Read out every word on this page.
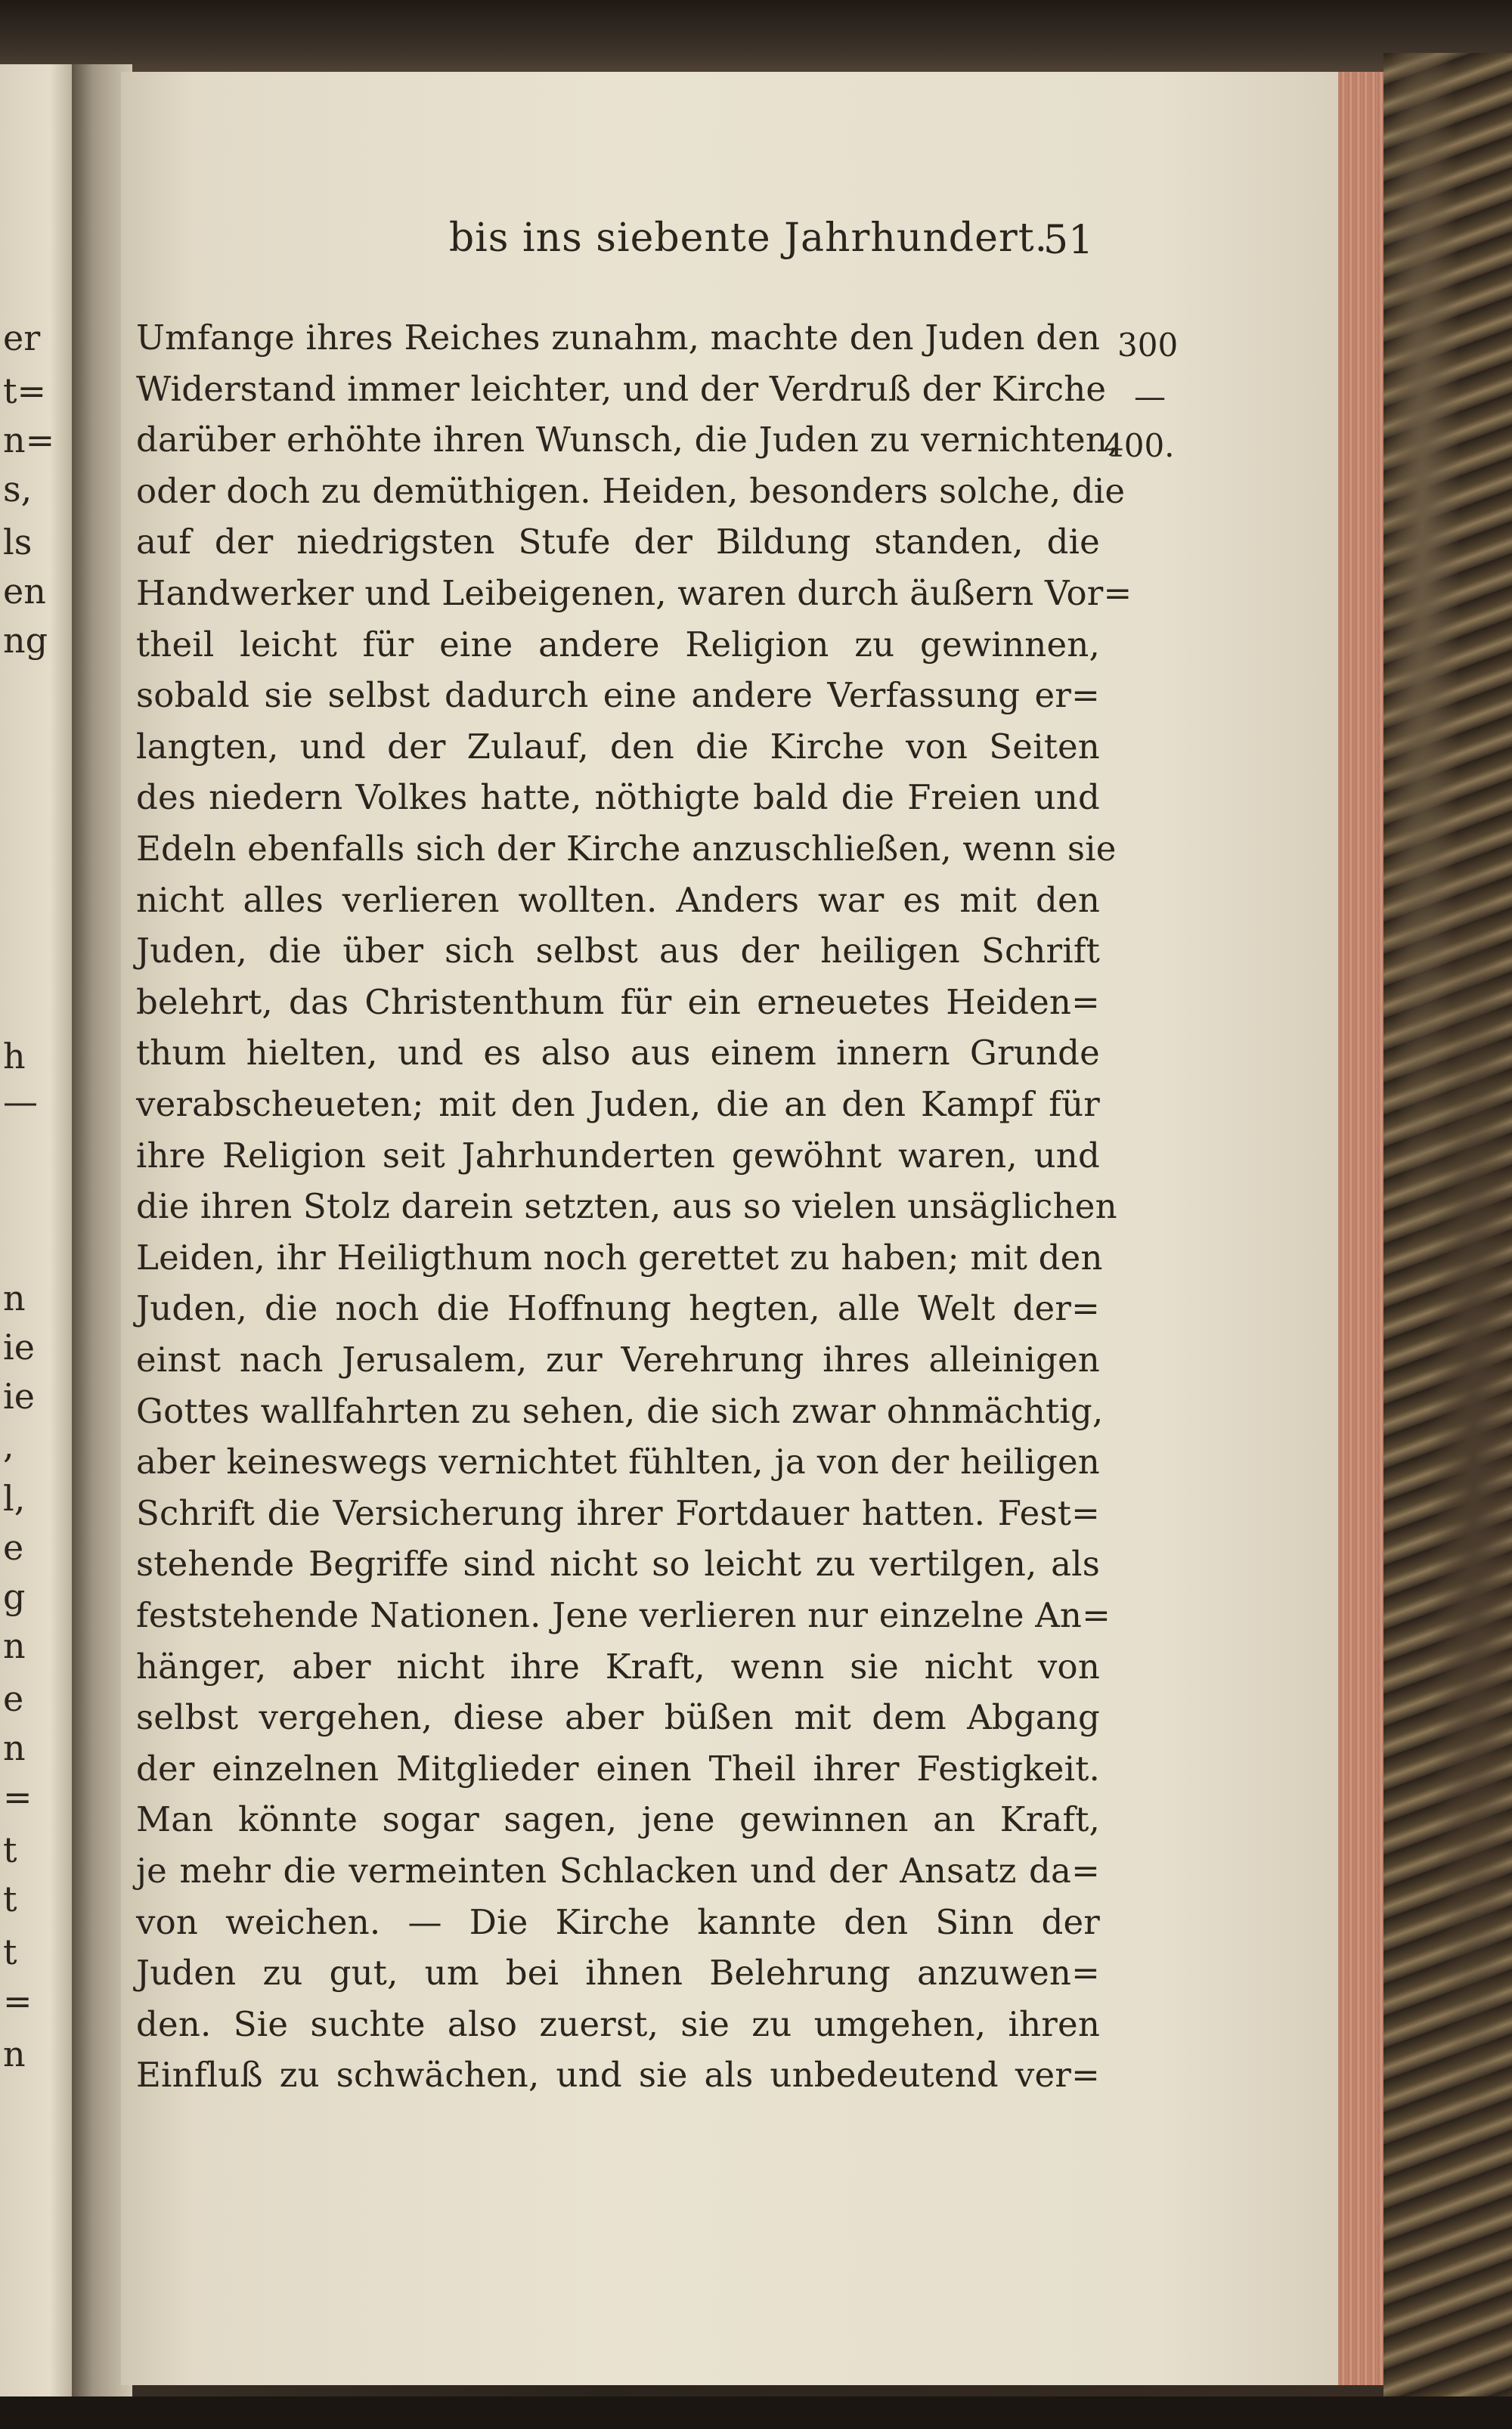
er
t=
n=
s,
ls
en
ng
h
—
n
ie
ie
,
l,
e
g
n
e
n
=
t
t
t
=
n
bis ins siebente Jahrhundert.
51
300
—
400.
Umfange ihres Reiches zunahm, machte den Juden den
Widerstand immer leichter, und der Verdruß der Kirche
darüber erhöhte ihren Wunsch, die Juden zu vernichten,
oder doch zu demüthigen. Heiden, besonders solche, die
auf der niedrigsten Stufe der Bildung standen, die
Handwerker und Leibeigenen, waren durch äußern Vor=
theil leicht für eine andere Religion zu gewinnen,
sobald sie selbst dadurch eine andere Verfassung er=
langten, und der Zulauf, den die Kirche von Seiten
des niedern Volkes hatte, nöthigte bald die Freien und
Edeln ebenfalls sich der Kirche anzuschließen, wenn sie
nicht alles verlieren wollten. Anders war es mit den
Juden, die über sich selbst aus der heiligen Schrift
belehrt, das Christenthum für ein erneuetes Heiden=
thum hielten, und es also aus einem innern Grunde
verabscheueten; mit den Juden, die an den Kampf für
ihre Religion seit Jahrhunderten gewöhnt waren, und
die ihren Stolz darein setzten, aus so vielen unsäglichen
Leiden, ihr Heiligthum noch gerettet zu haben; mit den
Juden, die noch die Hoffnung hegten, alle Welt der=
einst nach Jerusalem, zur Verehrung ihres alleinigen
Gottes wallfahrten zu sehen, die sich zwar ohnmächtig,
aber keineswegs vernichtet fühlten, ja von der heiligen
Schrift die Versicherung ihrer Fortdauer hatten. Fest=
stehende Begriffe sind nicht so leicht zu vertilgen, als
feststehende Nationen. Jene verlieren nur einzelne An=
hänger, aber nicht ihre Kraft, wenn sie nicht von
selbst vergehen, diese aber büßen mit dem Abgang
der einzelnen Mitglieder einen Theil ihrer Festigkeit.
Man könnte sogar sagen, jene gewinnen an Kraft,
je mehr die vermeinten Schlacken und der Ansatz da=
von weichen. — Die Kirche kannte den Sinn der
Juden zu gut, um bei ihnen Belehrung anzuwen=
den. Sie suchte also zuerst, sie zu umgehen, ihren
Einfluß zu schwächen, und sie als unbedeutend ver=
